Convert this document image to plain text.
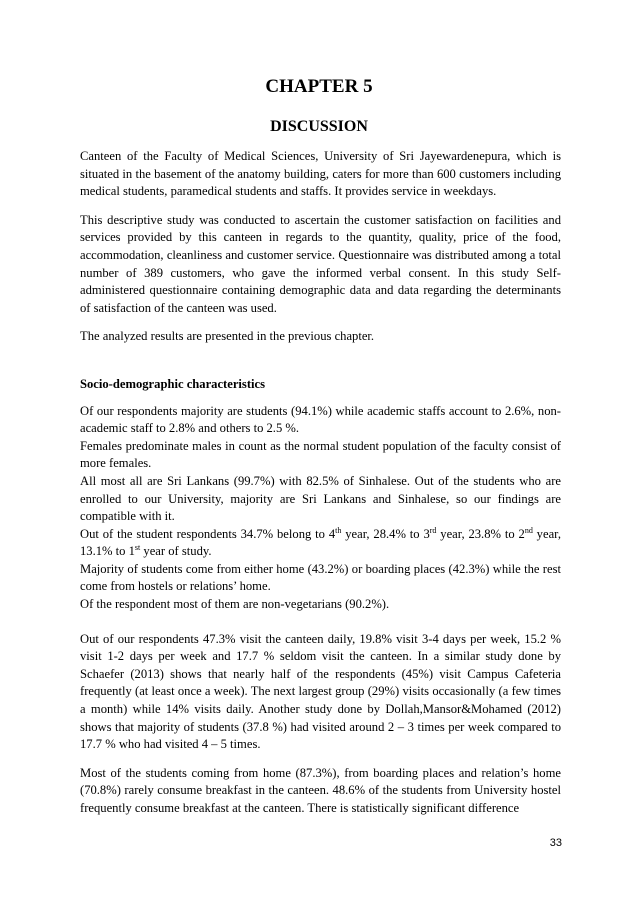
CHAPTER 5
DISCUSSION

Canteen of the Faculty of Medical Sciences, University of Sri Jayewardenepura, which is situated in the basement of the anatomy building, caters for more than 600 customers including medical students, paramedical students and staffs. It provides service in weekdays.

This descriptive study was conducted to ascertain the customer satisfaction on facilities and services provided by this canteen in regards to the quantity, quality, price of the food, accommodation, cleanliness and customer service. Questionnaire was distributed among a total number of 389 customers, who gave the informed verbal consent. In this study Self-administered questionnaire containing demographic data and data regarding the determinants of satisfaction of the canteen was used.

The analyzed results are presented in the previous chapter.

Socio-demographic characteristics

Of our respondents majority are students (94.1%) while academic staffs account to 2.6%, non-academic staff to 2.8% and others to 2.5 %.

Females predominate males in count as the normal student population of the faculty consist of more females.

All most all are Sri Lankans (99.7%) with 82.5% of Sinhalese. Out of the students who are enrolled to our University, majority are Sri Lankans and Sinhalese, so our findings are compatible with it.

Out of the student respondents 34.7% belong to 4th year, 28.4% to 3rd year, 23.8% to 2nd year, 13.1% to 1st year of study.

Majority of students come from either home (43.2%) or boarding places (42.3%) while the rest come from hostels or relations’ home.

Of the respondent most of them are non-vegetarians (90.2%).

Out of our respondents 47.3% visit the canteen daily, 19.8% visit 3-4 days per week, 15.2 % visit 1-2 days per week and 17.7 % seldom visit the canteen. In a similar study done by Schaefer (2013) shows that nearly half of the respondents (45%) visit Campus Cafeteria frequently (at least once a week). The next largest group (29%) visits occasionally (a few times a month) while 14% visits daily. Another study done by Dollah,Mansor&Mohamed (2012) shows that majority of students (37.8 %) had visited around 2 – 3 times per week compared to 17.7 % who had visited 4 – 5 times.

Most of the students coming from home (87.3%), from boarding places and relation’s home (70.8%) rarely consume breakfast in the canteen. 48.6% of the students from University hostel frequently consume breakfast at the canteen. There is statistically significant difference

33
